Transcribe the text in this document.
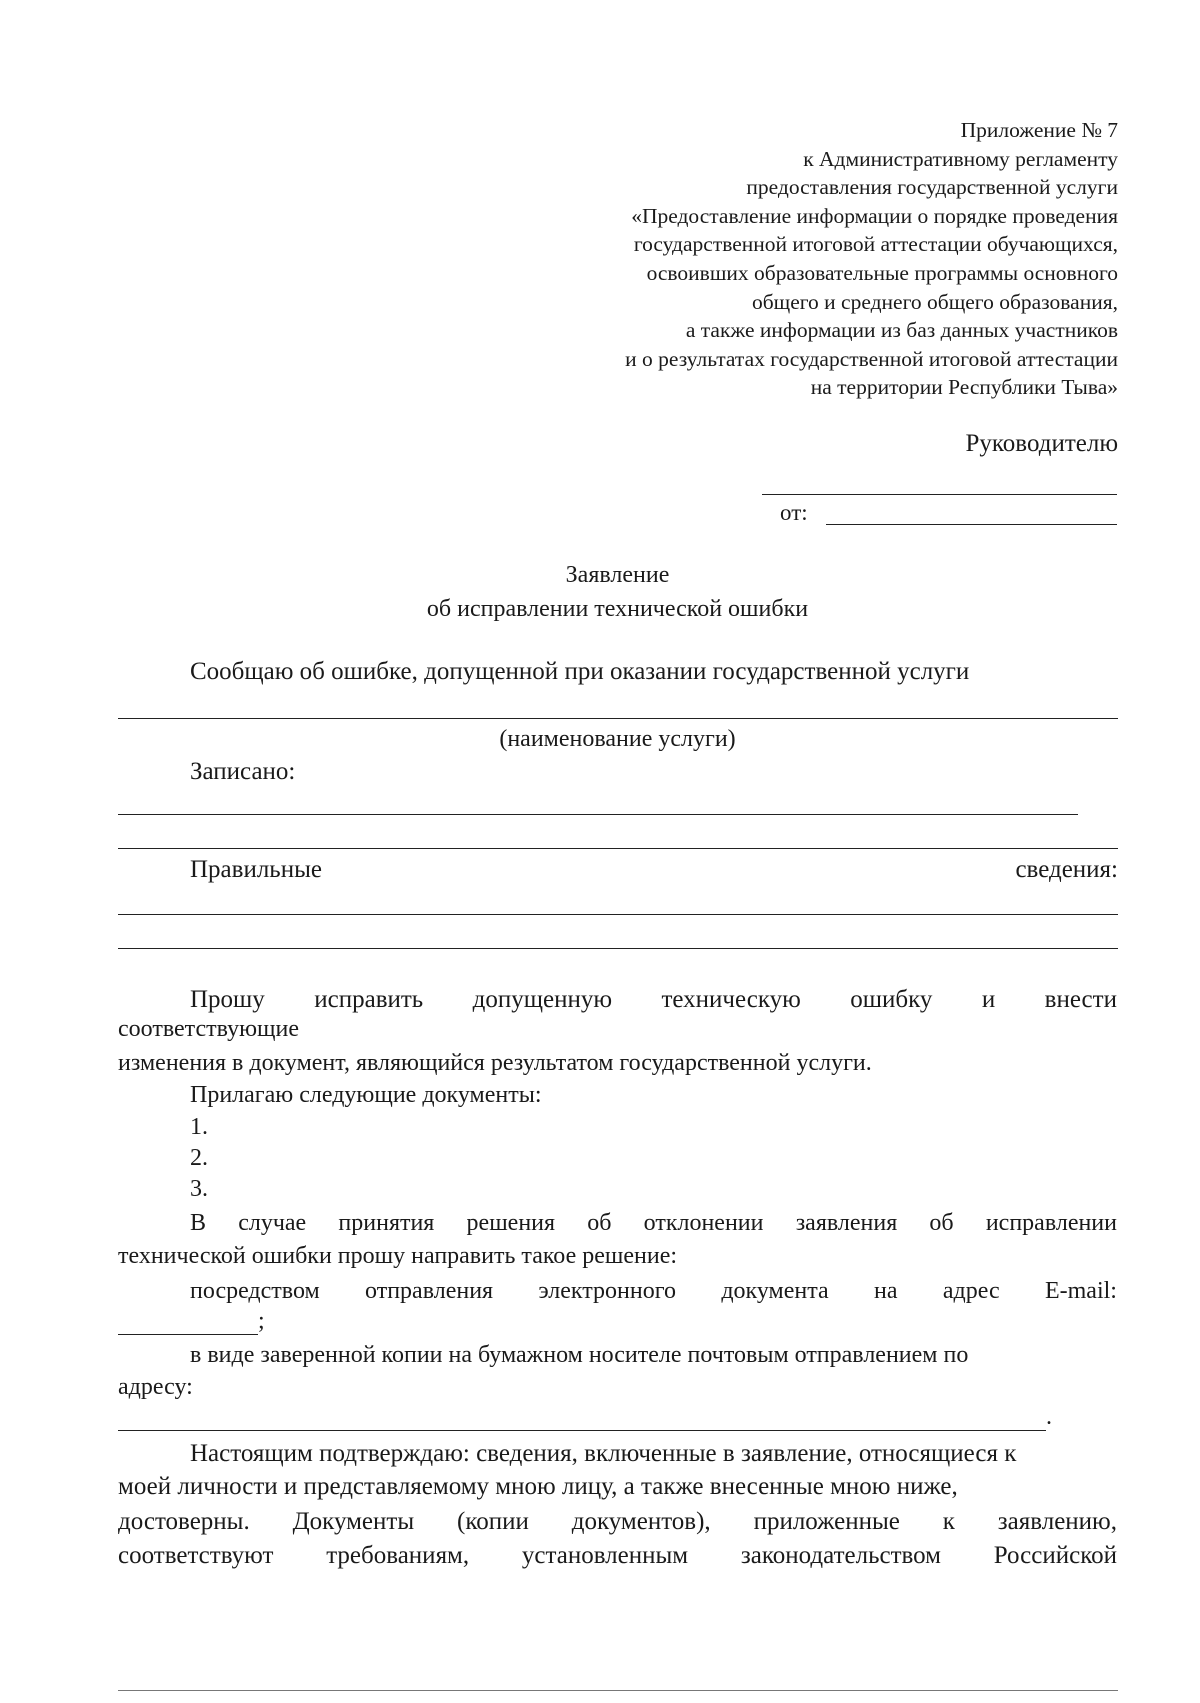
Приложение № 7
к Административному регламенту
предоставления государственной услуги
«Предоставление информации о порядке проведения
государственной итоговой аттестации обучающихся,
освоивших образовательные программы основного
общего и среднего общего образования,
а также информации из баз данных участников
и о результатах государственной итоговой аттестации
на территории Республики Тыва»
Руководителю
от:
Заявление
об исправлении технической ошибки
Сообщаю об ошибке, допущенной при оказании государственной услуги
(наименование услуги)
Записано:
Правильные	сведения:
Прошу исправить допущенную техническую ошибку и внести
соответствующие
изменения в документ, являющийся результатом государственной услуги.
Прилагаю следующие документы:
1.
2.
3.
В случае принятия решения об отклонении заявления об исправлении
технической ошибки прошу направить такое решение:
посредством отправления электронного документа на адрес E-mail:
;
в виде заверенной копии на бумажном носителе почтовым отправлением по
адресу:
.
Настоящим подтверждаю: сведения, включенные в заявление, относящиеся к
моей личности и представляемому мною лицу, а также внесенные мною ниже,
достоверны. Документы (копии документов), приложенные к заявлению,
соответствуют требованиям, установленным законодательством Российской
